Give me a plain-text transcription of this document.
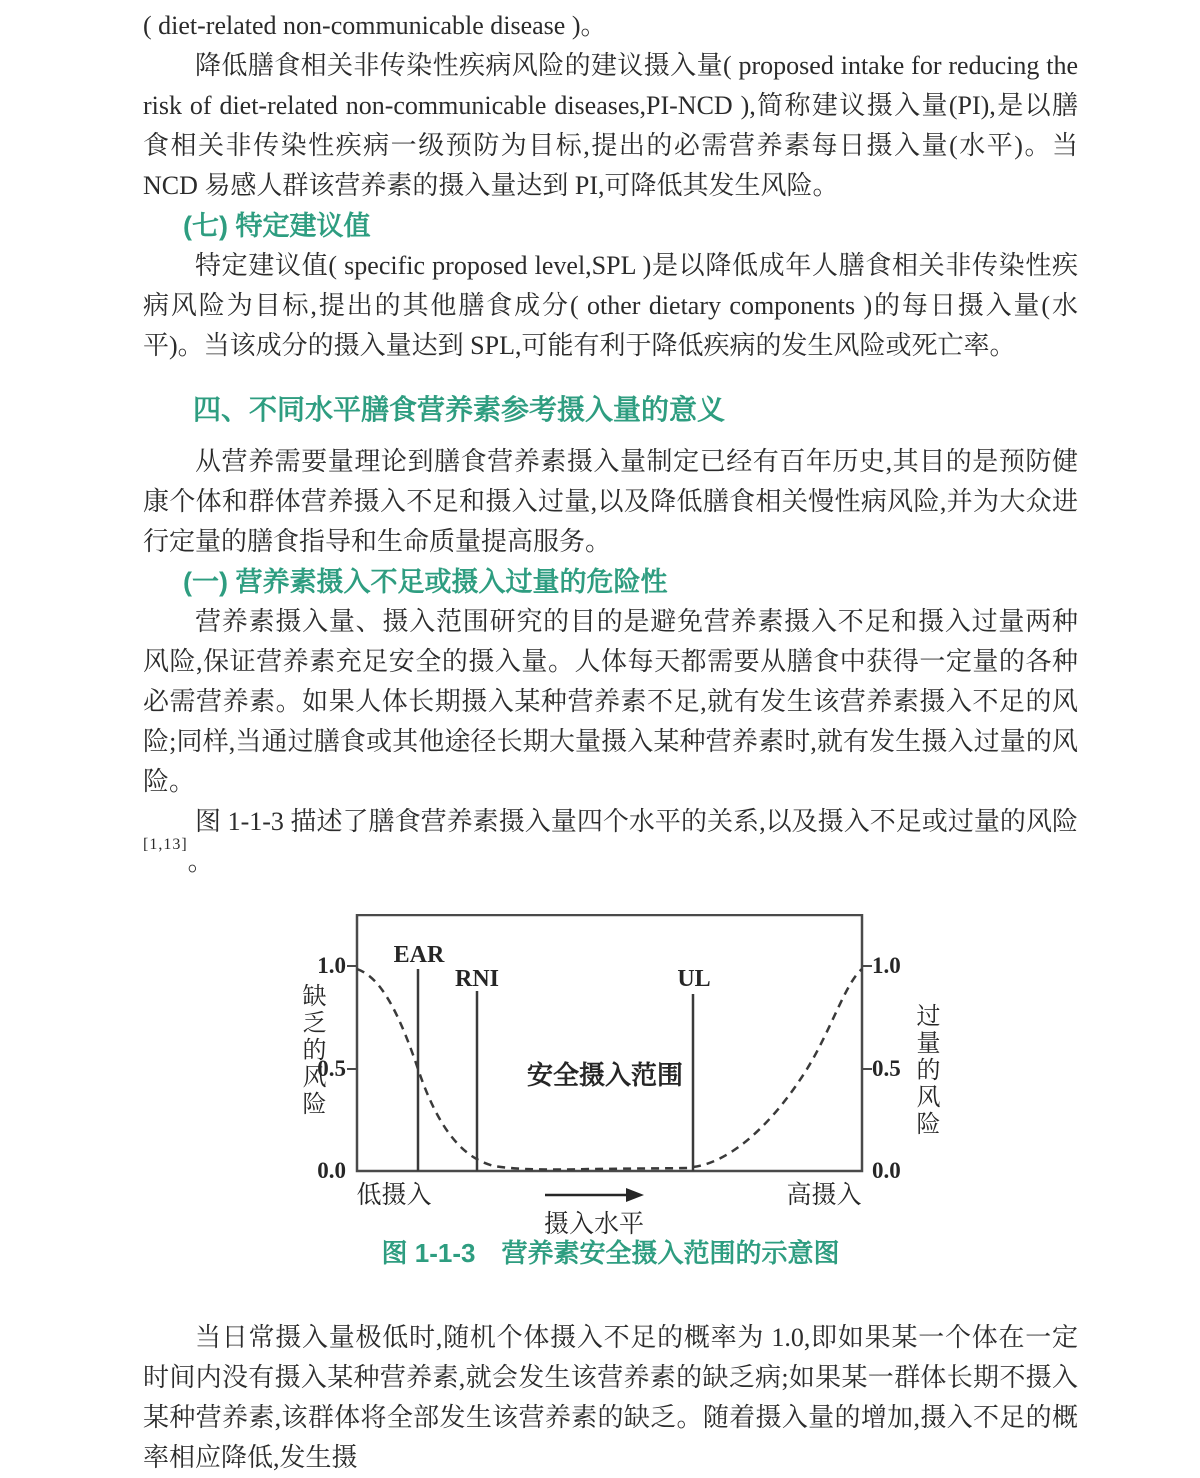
( diet-related non-communicable disease )。

降低膳食相关非传染性疾病风险的建议摄入量( proposed intake for reducing the risk of diet-related non-communicable diseases,PI-NCD ),简称建议摄入量(PI),是以膳食相关非传染性疾病一级预防为目标,提出的必需营养素每日摄入量(水平)。当 NCD 易感人群该营养素的摄入量达到 PI,可降低其发生风险。

(七) 特定建议值

特定建议值( specific proposed level,SPL )是以降低成年人膳食相关非传染性疾病风险为目标,提出的其他膳食成分( other dietary components )的每日摄入量(水平)。当该成分的摄入量达到 SPL,可能有利于降低疾病的发生风险或死亡率。

四、不同水平膳食营养素参考摄入量的意义

从营养需要量理论到膳食营养素摄入量制定已经有百年历史,其目的是预防健康个体和群体营养摄入不足和摄入过量,以及降低膳食相关慢性病风险,并为大众进行定量的膳食指导和生命质量提高服务。

(一) 营养素摄入不足或摄入过量的危险性

营养素摄入量、摄入范围研究的目的是避免营养素摄入不足和摄入过量两种风险,保证营养素充足安全的摄入量。人体每天都需要从膳食中获得一定量的各种必需营养素。如果人体长期摄入某种营养素不足,就有发生该营养素摄入不足的风险;同样,当通过膳食或其他途径长期大量摄入某种营养素时,就有发生摄入过量的风险。

图 1-1-3 描述了膳食营养素摄入量四个水平的关系,以及摄入不足或过量的风险[1,13]。

EAR
RNI	UL
1.0
0.5
0.0
1.0
0.5
0.0
缺乏的风险	过量的风险
安全摄入范围
低摄入	高摄入
摄入水平
图 1-1-3　营养素安全摄入范围的示意图

当日常摄入量极低时,随机个体摄入不足的概率为 1.0,即如果某一个体在一定时间内没有摄入某种营养素,就会发生该营养素的缺乏病;如果某一群体长期不摄入某种营养素,该群体将全部发生该营养素的缺乏。随着摄入量的增加,摄入不足的概率相应降低,发生摄
